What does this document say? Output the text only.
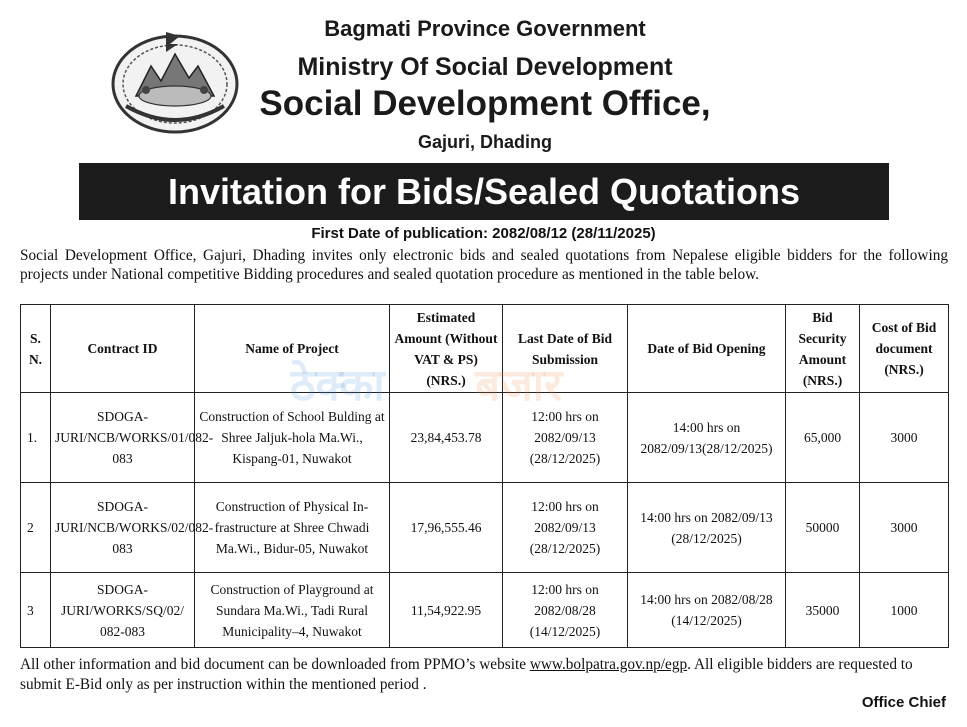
Bagmati Province Government
Ministry Of Social Development
Social Development Office,
Gajuri, Dhading
Invitation for Bids/Sealed Quotations
First Date of publication: 2082/08/12 (28/11/2025)
Social Development Office, Gajuri, Dhading invites only electronic bids and sealed quotations from Nepalese eligible bidders for the following projects under National competitive Bidding procedures and sealed quotation procedure as mentioned in the table below.
S. N.	Contract ID	Name of Project	Estimated Amount (Without VAT & PS) (NRS.)	Last Date of Bid Submission	Date of Bid Opening	Bid Security Amount (NRS.)	Cost of Bid document (NRS.)
1.	SDOGA-JURI/NCB/WORKS/01/082-083	Construction of School Bulding at Shree Jaljuk-hola Ma.Wi., Kispang-01, Nuwakot	23,84,453.78	12:00 hrs on 2082/09/13 (28/12/2025)	14:00 hrs on 2082/09/13(28/12/2025)	65,000	3000
2	SDOGA-JURI/NCB/WORKS/02/082-083	Construction of Physical In-frastructure at Shree Chwadi Ma.Wi., Bidur-05, Nuwakot	17,96,555.46	12:00 hrs on 2082/09/13 (28/12/2025)	14:00 hrs on 2082/09/13 (28/12/2025)	50000	3000
3	SDOGA-JURI/WORKS/SQ/02/ 082-083	Construction of Playground at Sundara Ma.Wi., Tadi Rural Municipality–4, Nuwakot	11,54,922.95	12:00 hrs on 2082/08/28 (14/12/2025)	14:00 hrs on 2082/08/28 (14/12/2025)	35000	1000
ठेक्का बजार
All other information and bid document can be downloaded from PPMO’s website www.bolpatra.gov.np/egp. All eligible bidders are requested to submit E-Bid only as per instruction within the mentioned period .
Office Chief
